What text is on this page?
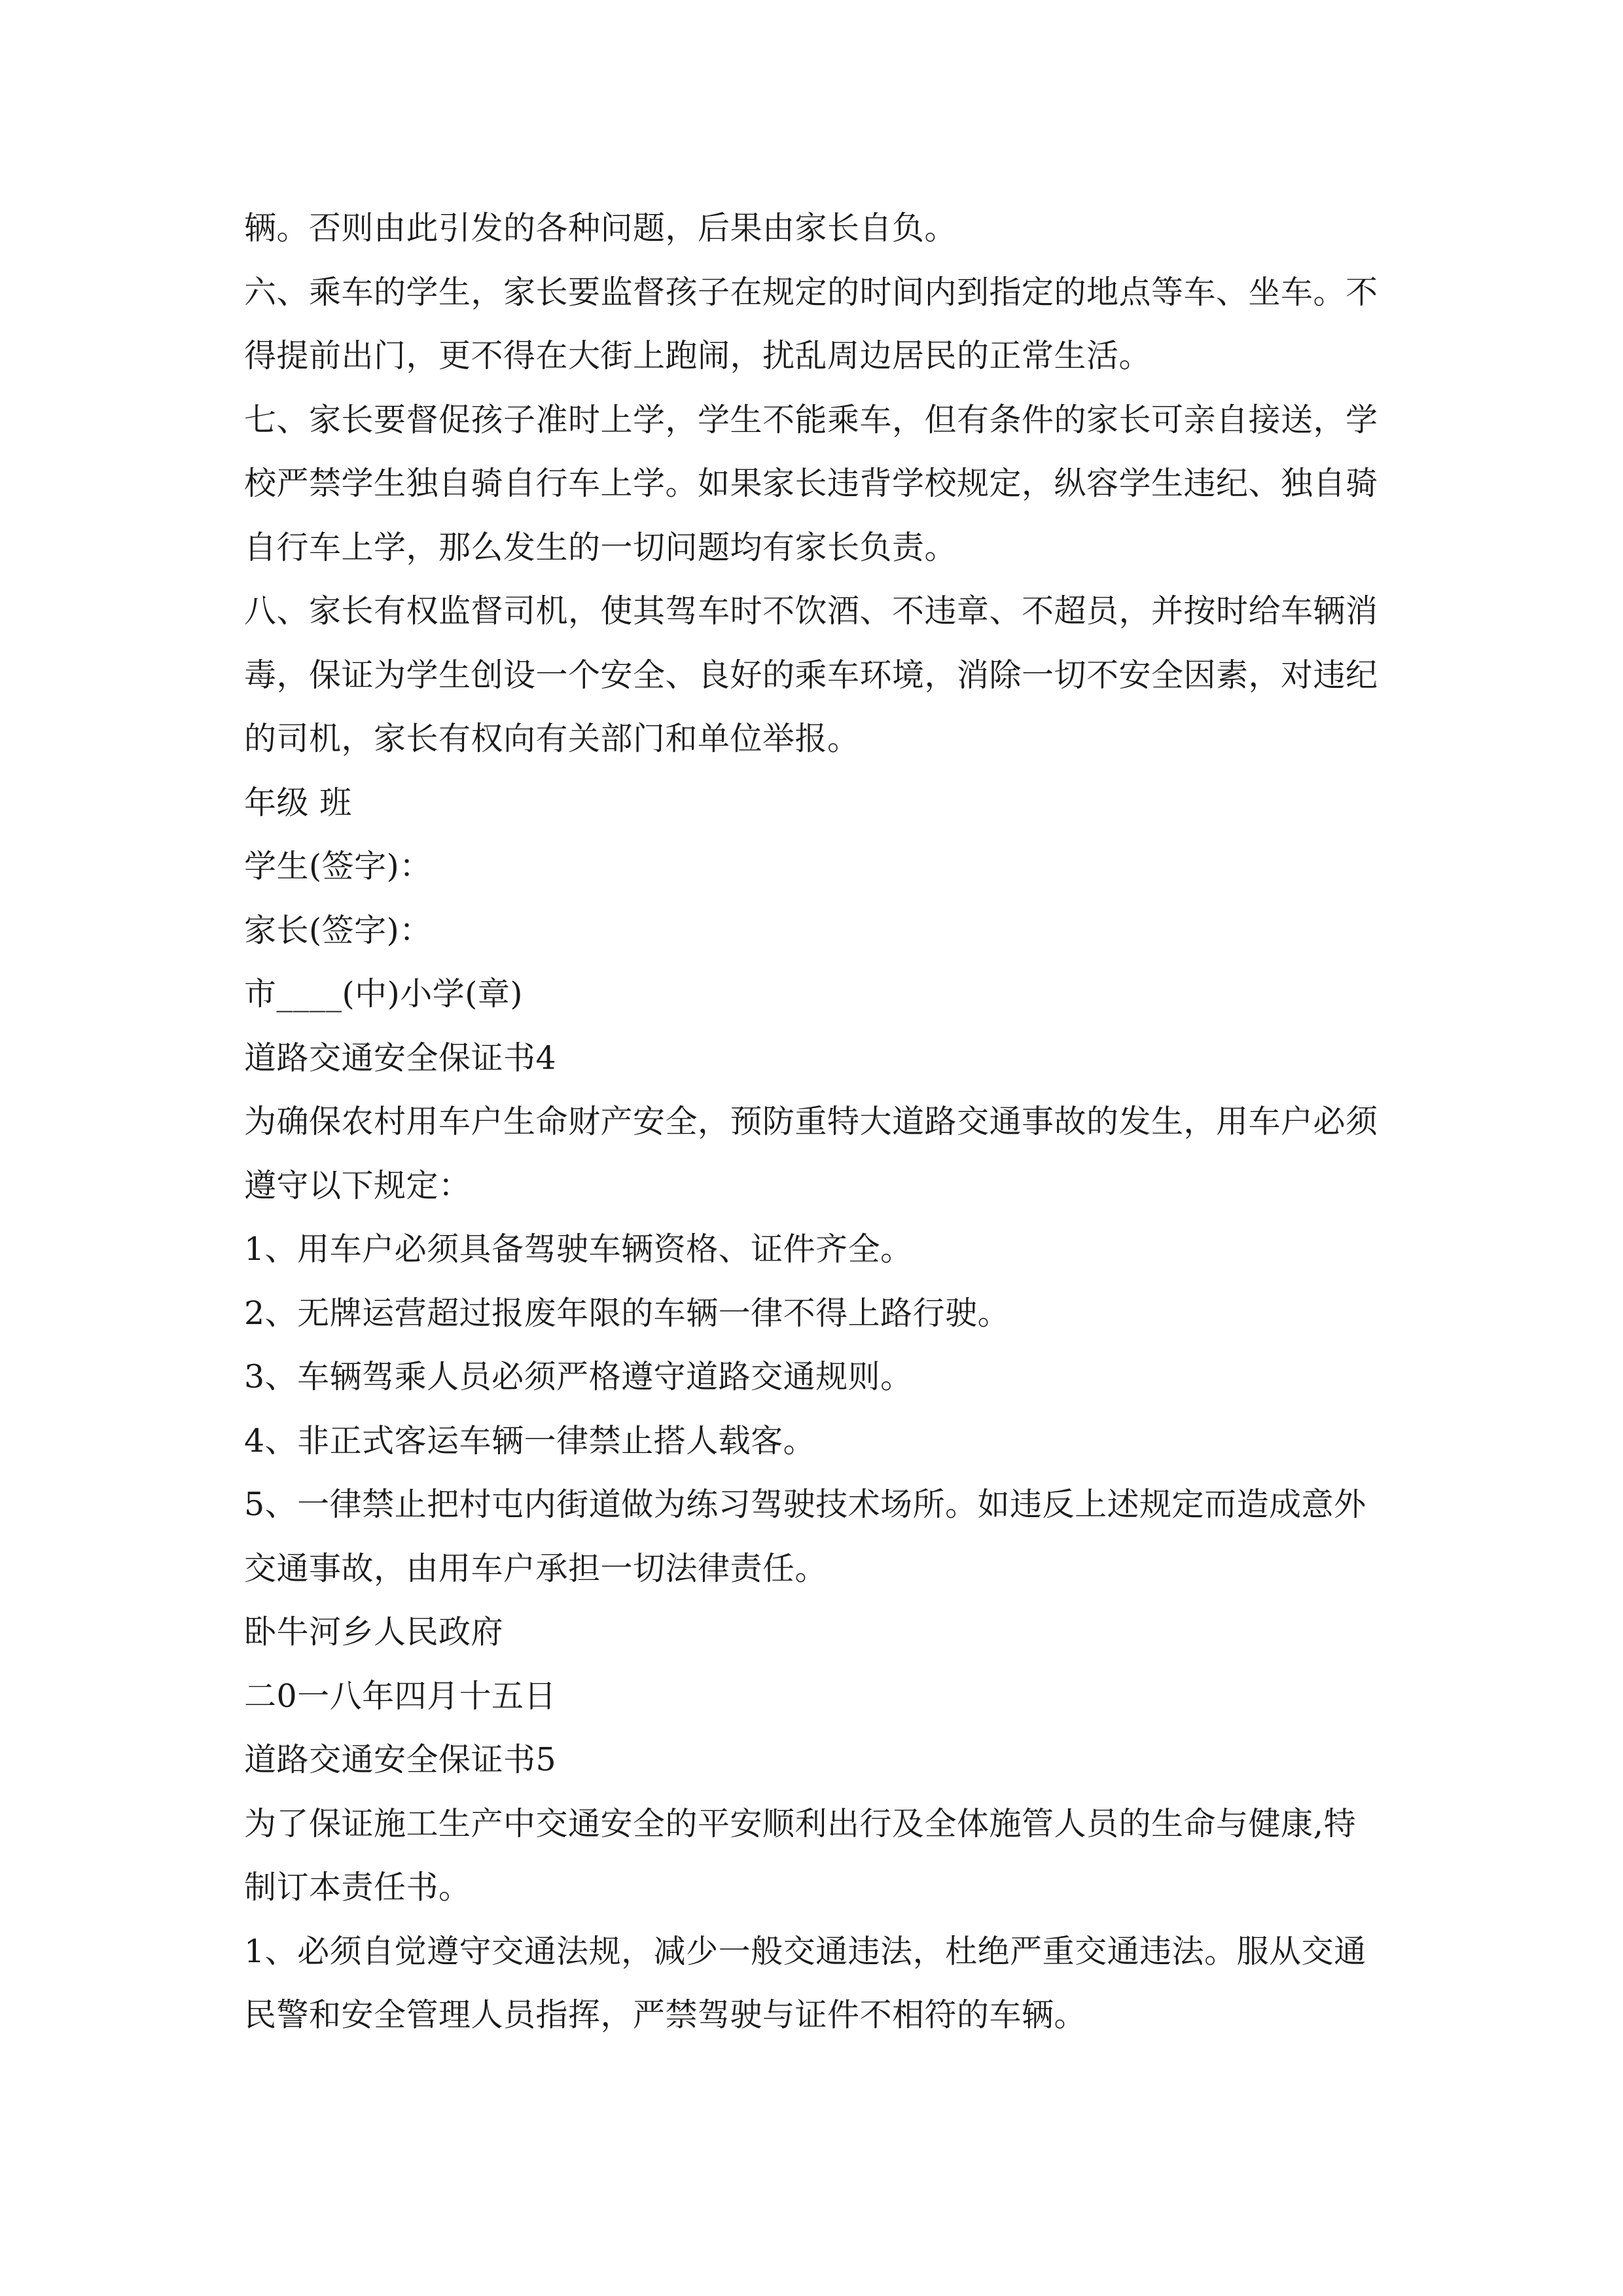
辆。否则由此引发的各种问题，后果由家长自负。
六、乘车的学生，家长要监督孩子在规定的时间内到指定的地点等车、坐车。不
得提前出门，更不得在大街上跑闹，扰乱周边居民的正常生活。
七、家长要督促孩子准时上学，学生不能乘车，但有条件的家长可亲自接送，学
校严禁学生独自骑自行车上学。如果家长违背学校规定，纵容学生违纪、独自骑
自行车上学，那么发生的一切问题均有家长负责。
八、家长有权监督司机，使其驾车时不饮酒、不违章、不超员，并按时给车辆消
毒，保证为学生创设一个安全、良好的乘车环境，消除一切不安全因素，对违纪
的司机，家长有权向有关部门和单位举报。
年级 班
学生(签字)：
家长(签字)：
市____(中)小学(章)
道路交通安全保证书4
为确保农村用车户生命财产安全，预防重特大道路交通事故的发生，用车户必须
遵守以下规定：
1、用车户必须具备驾驶车辆资格、证件齐全。
2、无牌运营超过报废年限的车辆一律不得上路行驶。
3、车辆驾乘人员必须严格遵守道路交通规则。
4、非正式客运车辆一律禁止搭人载客。
5、一律禁止把村屯内街道做为练习驾驶技术场所。如违反上述规定而造成意外
交通事故，由用车户承担一切法律责任。
卧牛河乡人民政府
二0一八年四月十五日
道路交通安全保证书5
为了保证施工生产中交通安全的平安顺利出行及全体施管人员的生命与健康,特
制订本责任书。
1、必须自觉遵守交通法规，减少一般交通违法，杜绝严重交通违法。服从交通
民警和安全管理人员指挥，严禁驾驶与证件不相符的车辆。
